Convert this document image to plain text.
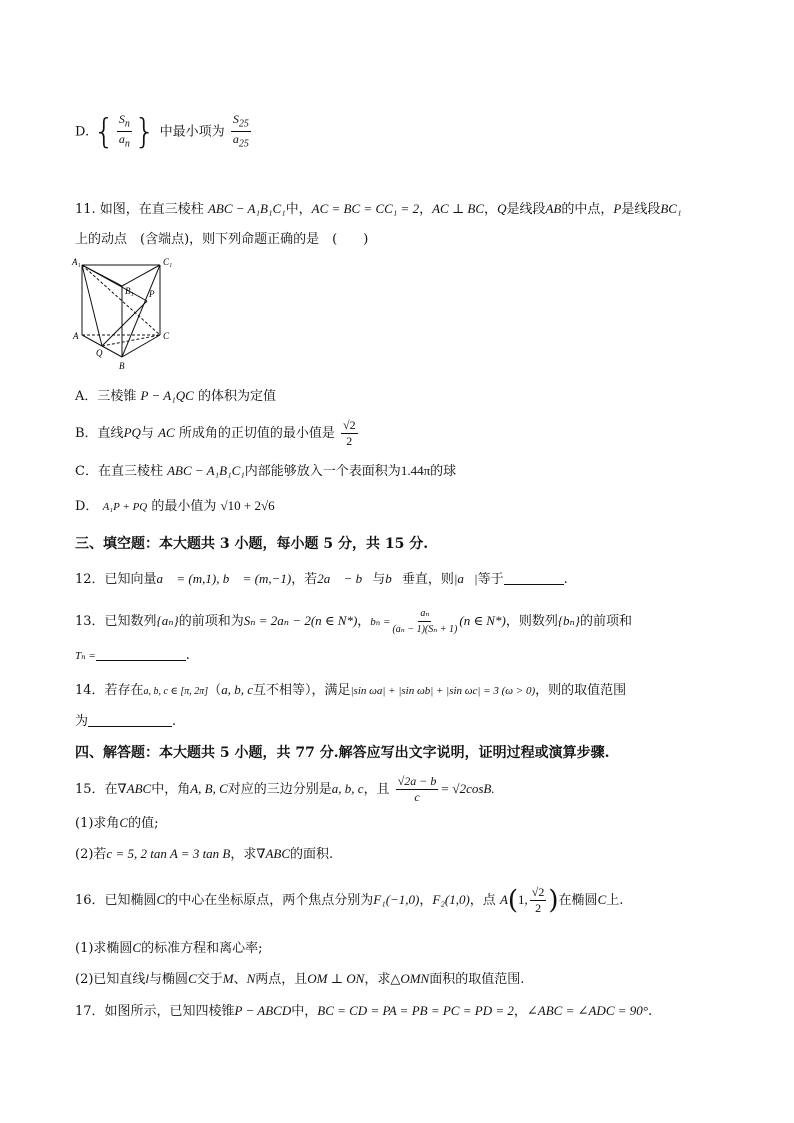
D. { $\frac{S_n}{a_n}$ } 中最小项为 $\frac{S_{25}}{a_{25}}$
11. 如图，在直三棱柱 ABC − A₁B₁C₁中，AC = BC = CC₁ = 2，AC ⊥ BC，Q是线段AB的中点，P是线段BC₁
上的动点　(含端点)，则下列命题正确的是　(　　)
A₁	C₁
B₁ P
A	C
Q
B
A．三棱锥 P − A₁QC 的体积为定值
B．直线PQ与 AC 所成角的正切值的最小值是 $\frac{√2}{2}$
C．在直三棱柱 ABC − A₁B₁C₁内部能够放入一个表面积为1.44π的球
D． A₁P + PQ 的最小值为 √10 + 2√6
三、填空题：本大题共 3 小题，每小题 5 分，共 15 分.
12．已知向量a⃗ = (m,1), b⃗ = (m,−1)，若2a⃗ − b⃗与b⃗垂直，则|a⃗|等于	.
13．已知数列{aₙ}的前项和为Sₙ = 2aₙ − 2(n ∈ N*)，$b_n = \frac{\text{aₙ}}{\text{(aₙ − 1)(Sₙ + 1)}} (n$ ∈ N*)，则数列{bₙ}的前项和
Tₙ =	.
14．若存在a, b, c ∈ [π, 2π]（a, b, c互不相等），满足|sin ωa| + |sin ωb| + |sin ωc| = 3 (ω > 0)，则的取值范围
为	.
四、解答题：本大题共 5 小题，共 77 分.解答应写出文字说明，证明过程或演算步骤.
15．在∇ABC中，角A, B, C对应的三边分别是a, b, c，且 $\frac{√2a - b}{c} = √2\cos B$.
(1)求角C的值;
(2)若c = 5, 2 tan A = 3 tan B，求∇ABC的面积.
16．已知椭圆C的中心在坐标原点，两个焦点分别为F₁(−1,0)，F₂(1,0)，点 A(1, $\frac{√2}{2}$ )在椭圆C上.
(1)求椭圆C的标准方程和离心率;
(2)已知直线l与椭圆C交于M、N两点，且OM ⊥ ON，求△OMN面积的取值范围.
17．如图所示，已知四棱锥P − ABCD中，BC = CD = PA = PB = PC = PD = 2，∠ABC = ∠ADC = 90°.
